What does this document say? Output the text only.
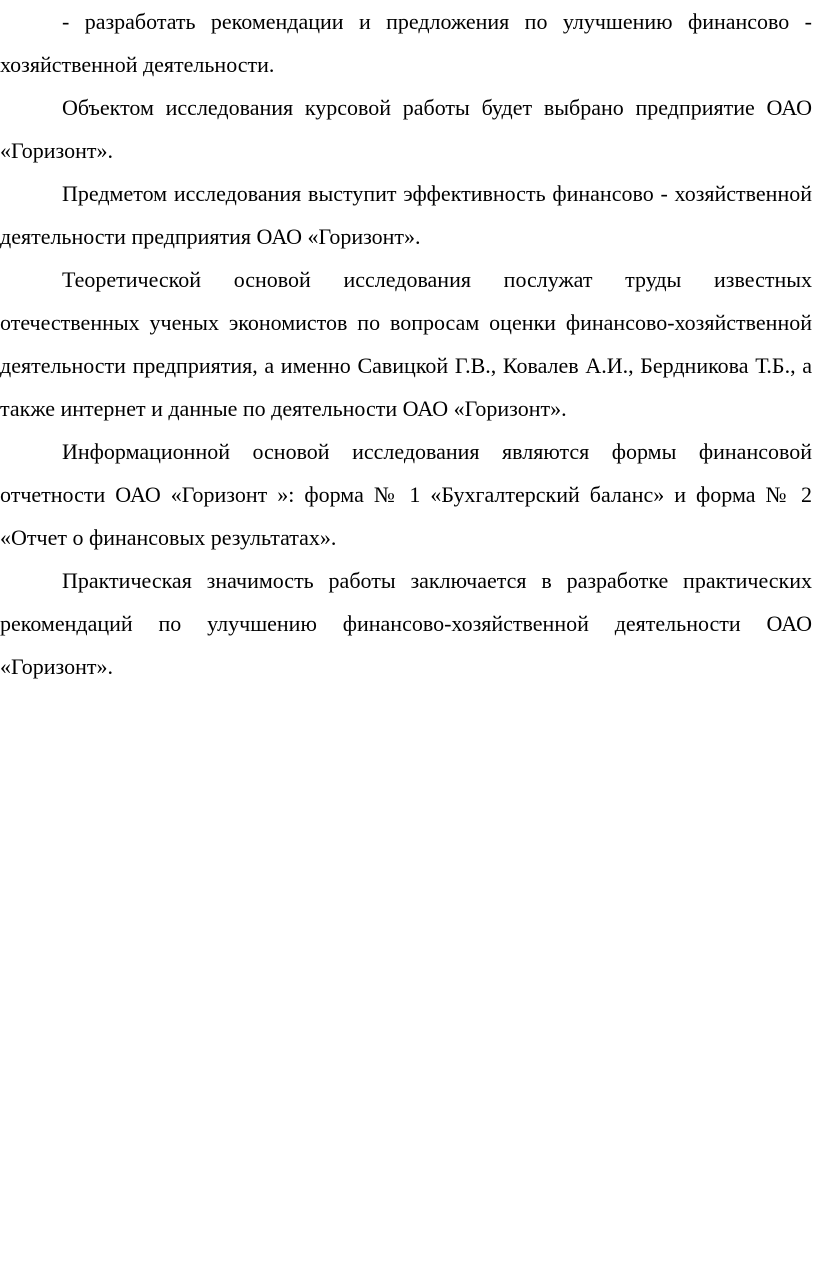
- разработать рекомендации и предложения по улучшению финансово - хозяйственной деятельности.

Объектом исследования курсовой работы будет выбрано предприятие ОАО «Горизонт».

Предметом исследования выступит эффективность финансово - хозяйственной деятельности предприятия ОАО «Горизонт».

Теоретической основой исследования послужат труды известных отечественных ученых экономистов по вопросам оценки финансово-хозяйственной деятельности предприятия, а именно Савицкой Г.В., Ковалев А.И., Бердникова Т.Б., а также интернет и данные по деятельности ОАО «Горизонт».

Информационной основой исследования являются формы финансовой отчетности ОАО «Горизонт »: форма № 1 «Бухгалтерский баланс» и форма № 2 «Отчет о финансовых результатах».

Практическая значимость работы заключается в разработке практических рекомендаций по улучшению финансово-хозяйственной деятельности ОАО «Горизонт».
